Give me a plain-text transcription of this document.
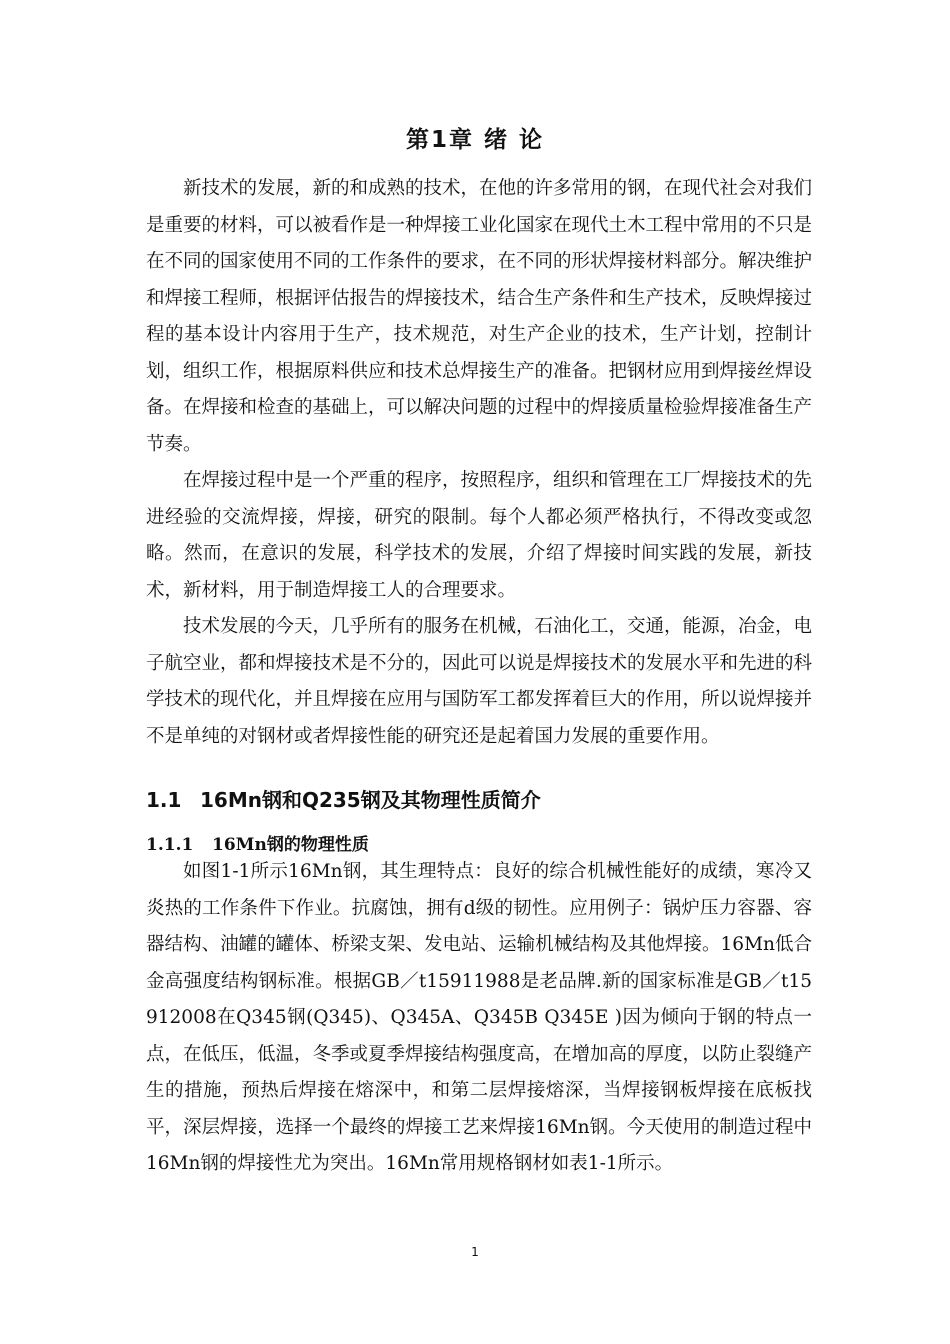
第1章 绪 论

新技术的发展，新的和成熟的技术，在他的许多常用的钢，在现代社会对我们是重要的材料，可以被看作是一种焊接工业化国家在现代土木工程中常用的不只是在不同的国家使用不同的工作条件的要求，在不同的形状焊接材料部分。解决维护和焊接工程师，根据评估报告的焊接技术，结合生产条件和生产技术，反映焊接过程的基本设计内容用于生产，技术规范，对生产企业的技术，生产计划，控制计划，组织工作，根据原料供应和技术总焊接生产的准备。把钢材应用到焊接丝焊设备。在焊接和检查的基础上，可以解决问题的过程中的焊接质量检验焊接准备生产节奏。

在焊接过程中是一个严重的程序，按照程序，组织和管理在工厂焊接技术的先进经验的交流焊接，焊接，研究的限制。每个人都必须严格执行，不得改变或忽略。然而，在意识的发展，科学技术的发展，介绍了焊接时间实践的发展，新技术，新材料，用于制造焊接工人的合理要求。

技术发展的今天，几乎所有的服务在机械，石油化工，交通，能源，冶金，电子航空业，都和焊接技术是不分的，因此可以说是焊接技术的发展水平和先进的科学技术的现代化，并且焊接在应用与国防军工都发挥着巨大的作用，所以说焊接并不是单纯的对钢材或者焊接性能的研究还是起着国力发展的重要作用。

1.1 16Mn钢和Q235钢及其物理性质简介
1.1.1 16Mn钢的物理性质

如图1-1所示16Mn钢，其生理特点：良好的综合机械性能好的成绩，寒冷又炎热的工作条件下作业。抗腐蚀，拥有d级的韧性。应用例子：锅炉压力容器、容器结构、油罐的罐体、桥梁支架、发电站、运输机械结构及其他焊接。16Mn低合金高强度结构钢标准。根据GB／t15911988是老品牌.新的国家标准是GB／t15912008在Q345钢(Q345)、Q345A、Q345B Q345E )因为倾向于钢的特点一点，在低压，低温，冬季或夏季焊接结构强度高，在增加高的厚度，以防止裂缝产生的措施，预热后焊接在熔深中，和第二层焊接熔深，当焊接钢板焊接在底板找平，深层焊接，选择一个最终的焊接工艺来焊接16Mn钢。今天使用的制造过程中16Mn钢的焊接性尤为突出。16Mn常用规格钢材如表1-1所示。

1
